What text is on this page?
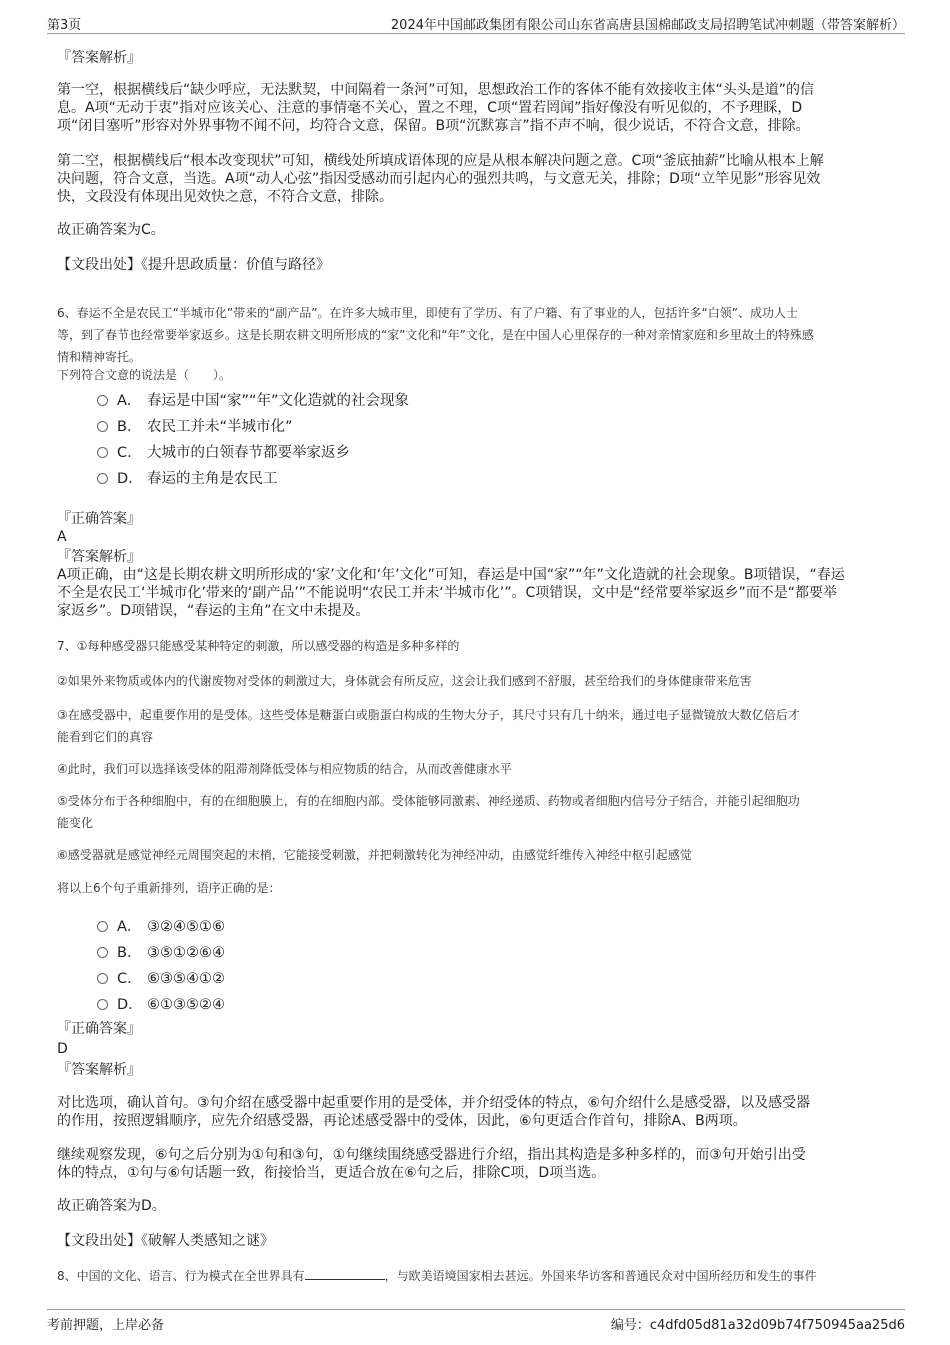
第3页	2024年中国邮政集团有限公司山东省高唐县国棉邮政支局招聘笔试冲刺题（带答案解析）
『答案解析』
第一空，根据横线后“缺少呼应，无法默契，中间隔着一条河”可知，思想政治工作的客体不能有效接收主体“头头是道”的信
息。A项“无动于衷”指对应该关心、注意的事情毫不关心，置之不理，C项“置若罔闻”指好像没有听见似的，不予理睬，D
项“闭目塞听”形容对外界事物不闻不问，均符合文意，保留。B项“沉默寡言”指不声不响，很少说话，不符合文意，排除。
第二空，根据横线后“根本改变现状”可知，横线处所填成语体现的应是从根本解决问题之意。C项“釜底抽薪”比喻从根本上解
决问题，符合文意，当选。A项“动人心弦”指因受感动而引起内心的强烈共鸣，与文意无关，排除；D项“立竿见影”形容见效
快，文段没有体现出见效快之意，不符合文意，排除。
故正确答案为C。
【文段出处】《提升思政质量：价值与路径》
6、春运不全是农民工“半城市化”带来的“副产品”。在许多大城市里，即使有了学历、有了户籍、有了事业的人，包括许多“白领”、成功人士
等，到了春节也经常要举家返乡。这是长期农耕文明所形成的“家”文化和“年”文化，是在中国人心里保存的一种对亲情家庭和乡里故土的特殊感
情和精神寄托。
下列符合文意的说法是（　　）。
A． 春运是中国“家”“年”文化造就的社会现象
B． 农民工并未“半城市化”
C． 大城市的白领春节都要举家返乡
D． 春运的主角是农民工
『正确答案』
A
『答案解析』
A项正确，由“这是长期农耕文明所形成的‘家’文化和‘年’文化”可知，春运是中国“家”“年”文化造就的社会现象。B项错误，“春运
不全是农民工‘半城市化’带来的‘副产品’”不能说明“农民工并未‘半城市化’”。C项错误，文中是“经常要举家返乡”而不是“都要举
家返乡”。D项错误，“春运的主角”在文中未提及。
7、①每种感受器只能感受某种特定的刺激，所以感受器的构造是多种多样的
②如果外来物质或体内的代谢废物对受体的刺激过大，身体就会有所反应，这会让我们感到不舒服，甚至给我们的身体健康带来危害
③在感受器中，起重要作用的是受体。这些受体是糖蛋白或脂蛋白构成的生物大分子，其尺寸只有几十纳米，通过电子显微镜放大数亿倍后才
能看到它们的真容
④此时，我们可以选择该受体的阻滞剂降低受体与相应物质的结合，从而改善健康水平
⑤受体分布于各种细胞中，有的在细胞膜上，有的在细胞内部。受体能够同激素、神经递质、药物或者细胞内信号分子结合，并能引起细胞功
能变化
⑥感受器就是感觉神经元周围突起的末梢，它能接受刺激，并把刺激转化为神经冲动，由感觉纤维传入神经中枢引起感觉
将以上6个句子重新排列，语序正确的是：
A． ③②④⑤①⑥
B． ③⑤①②⑥④
C． ⑥③⑤④①②
D． ⑥①③⑤②④
『正确答案』
D
『答案解析』
对比选项，确认首句。③句介绍在感受器中起重要作用的是受体，并介绍受体的特点，⑥句介绍什么是感受器，以及感受器
的作用，按照逻辑顺序，应先介绍感受器，再论述感受器中的受体，因此，⑥句更适合作首句，排除A、B两项。
继续观察发现，⑥句之后分别为①句和③句，①句继续围绕感受器进行介绍，指出其构造是多种多样的，而③句开始引出受
体的特点，①句与⑥句话题一致，衔接恰当，更适合放在⑥句之后，排除C项，D项当选。
故正确答案为D。
【文段出处】《破解人类感知之谜》
8、中国的文化、语言、行为模式在全世界具有	，与欧美语境国家相去甚远。外国来华访客和普通民众对中国所经历和发生的事件
考前押题，上岸必备	编号：c4dfd05d81a32d09b74f750945aa25d6
